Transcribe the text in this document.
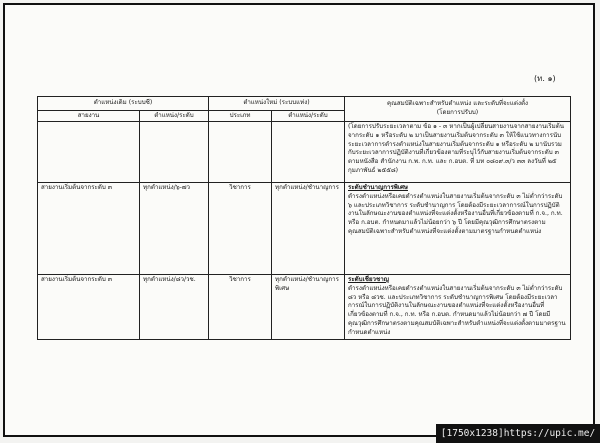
(ท. ๑)
ตำแหน่งเดิม (ระบบซี)		ตำแหน่งใหม่ (ระบบแท่ง)		คุณสมบัติเฉพาะสำหรับตำแหน่ง และระดับที่จะแต่งตั้ง
(โดยการปรับบ)

สายงาน	ตำแหน่ง/ระดับ	ประเภท	ตำแหน่ง/ระดับ	

				(โดยการปรับระยะเวลาตาม ข้อ ๑ - ๓ หากเป็นผู้เปลี่ยนสายงานจากสายงานเริ่มต้นจากระดับ ๑ หรือระดับ ๒ มาเป็นสายงานเริ่มต้นจากระดับ ๓ ให้ใช้แนวทางการนับระยะเวลาการดำรงตำแหน่งในสายงานเริ่มต้นจากระดับ ๑ หรือระดับ ๒ มานับรวมกับระยะเวลาการปฏิบัติงานที่เกี่ยวข้องตามที่ระบุไว้กับสายงานเริ่มต้นจากระดับ ๓ ตามหนังสือ สำนักงาน ก.พ. ก.ท. และ ก.อบต. ที่ มท ๐๘๐๙.๓/ว ๓๓ ลงวันที่ ๒๕ กุมภาพันธ์ ๒๕๕๘)

สายงานเริ่มต้นจากระดับ ๓	ทุกตำแหน่ง/๖-๗ว	วิชาการ	ทุกตำแหน่ง/ชำนาญการ	ระดับชำนาญการพิเศษ
ดำรงตำแหน่งหรือเคยดำรงตำแหน่งในสายงานเริ่มต้นจากระดับ ๓ ไม่ต่ำกว่าระดับ ๖ และประเภทวิชาการ ระดับชำนาญการ โดยต้องมีระยะเวลาการณ์ในการปฏิบัติงานในลักษณะงานของตำแหน่งที่จะแต่งตั้งหรืองานอื่นที่เกี่ยวข้องตามที่ ก.จ., ก.ท. หรือ ก.อบต. กำหนดมาแล้วไม่น้อยกว่า ๖ ปี โดยมีคุณวุฒิการศึกษาตรงตามคุณสมบัติเฉพาะสำหรับตำแหน่งที่จะแต่งตั้งตามมาตรฐานกำหนดตำแหน่ง

สายงานเริ่มต้นจากระดับ ๓	ทุกตำแหน่ง/๘ว/วช.	วิชาการ	ทุกตำแหน่ง/ชำนาญการพิเศษ	ระดับเชี่ยวชาญ
ดำรงตำแหน่งหรือเคยดำรงตำแหน่งในสายงานเริ่มต้นจากระดับ ๓ ไม่ต่ำกว่าระดับ ๘ว หรือ ๘วช. และประเภทวิชาการ ระดับชำนาญการพิเศษ โดยต้องมีระยะเวลาการณ์ในการปฏิบัติงานในลักษณะงานของตำแหน่งที่จะแต่งตั้งหรืองานอื่นที่เกี่ยวข้องตามที่ ก.จ., ก.ท. หรือ ก.อบต. กำหนดมาแล้วไม่น้อยกว่า ๗ ปี โดยมีคุณวุฒิการศึกษาตรงตามคุณสมบัติเฉพาะสำหรับตำแหน่งที่จะแต่งตั้งตามมาตรฐานกำหนดตำแหน่ง
[1750x1238]https://upic.me/
